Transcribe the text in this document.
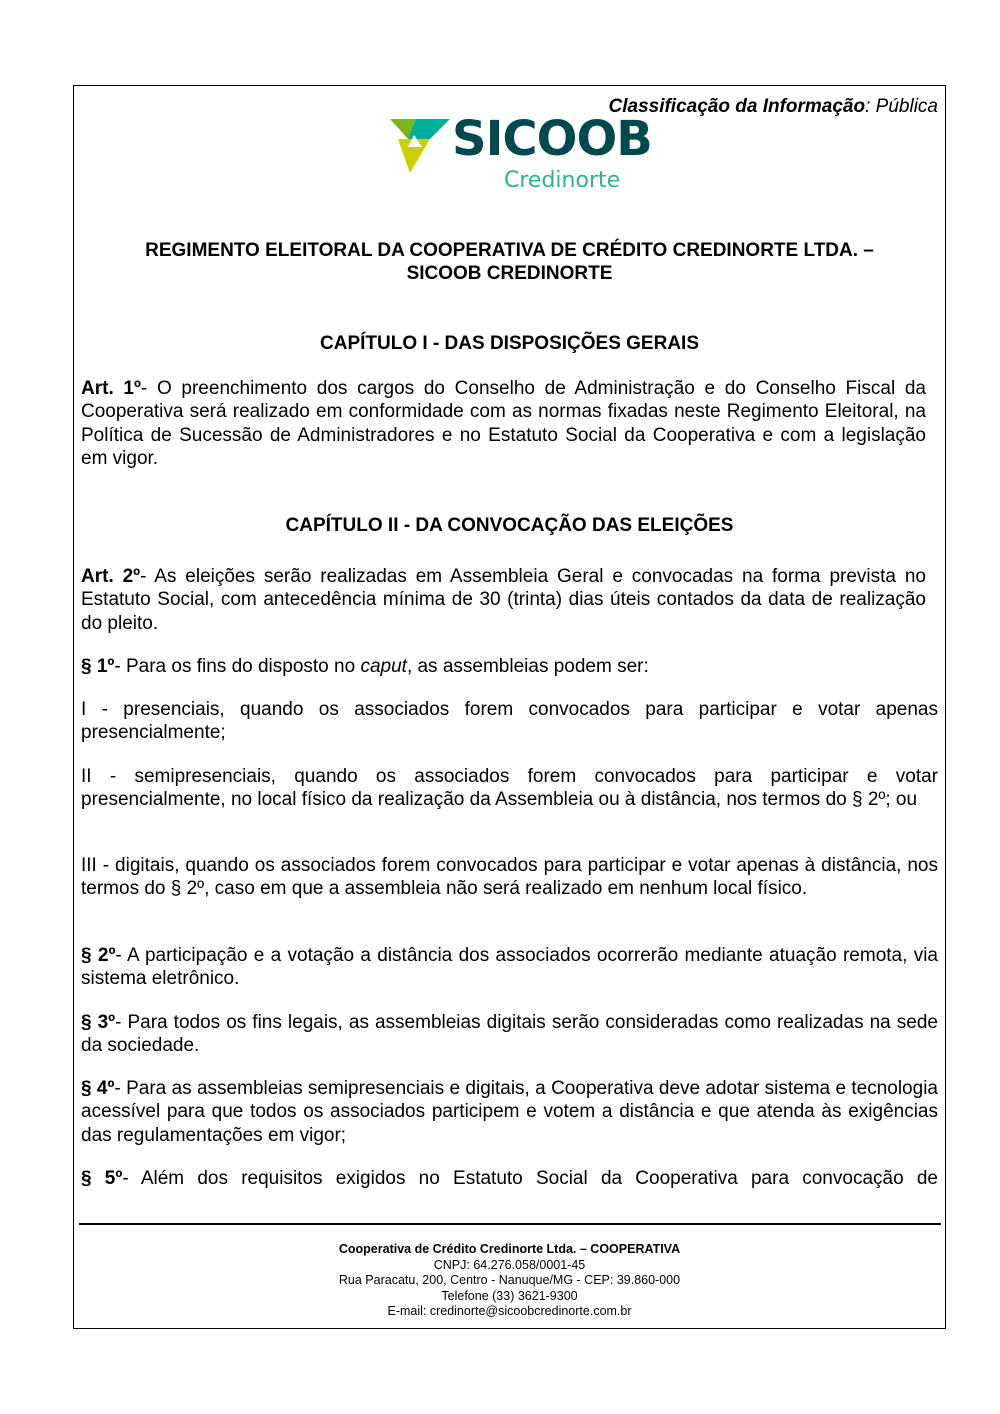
Classificação da Informação: Pública
SICOOB
Credinorte
REGIMENTO ELEITORAL DA COOPERATIVA DE CRÉDITO CREDINORTE LTDA. –
SICOOB CREDINORTE
CAPÍTULO I - DAS DISPOSIÇÕES GERAIS
Art. 1º- O preenchimento dos cargos do Conselho de Administração e do Conselho Fiscal da Cooperativa será realizado em conformidade com as normas fixadas neste Regimento Eleitoral, na Política de Sucessão de Administradores e no Estatuto Social da Cooperativa e com a legislação em vigor.
CAPÍTULO II - DA CONVOCAÇÃO DAS ELEIÇÕES
Art. 2º- As eleições serão realizadas em Assembleia Geral e convocadas na forma prevista no Estatuto Social, com antecedência mínima de 30 (trinta) dias úteis contados da data de realização do pleito.
§ 1º- Para os fins do disposto no caput, as assembleias podem ser:
I - presenciais, quando os associados forem convocados para participar e votar apenas presencialmente;
II - semipresenciais, quando os associados forem convocados para participar e votar presencialmente, no local físico da realização da Assembleia ou à distância, nos termos do § 2º; ou
III - digitais, quando os associados forem convocados para participar e votar apenas à distância, nos termos do § 2º, caso em que a assembleia não será realizado em nenhum local físico.
§ 2º- A participação e a votação a distância dos associados ocorrerão mediante atuação remota, via sistema eletrônico.
§ 3º- Para todos os fins legais, as assembleias digitais serão consideradas como realizadas na sede da sociedade.
§ 4º- Para as assembleias semipresenciais e digitais, a Cooperativa deve adotar sistema e tecnologia acessível para que todos os associados participem e votem a distância e que atenda às exigências das regulamentações em vigor;
§ 5º- Além dos requisitos exigidos no Estatuto Social da Cooperativa para convocação de
Cooperativa de Crédito Credinorte Ltda. – COOPERATIVA
CNPJ: 64.276.058/0001-45
Rua Paracatu, 200, Centro - Nanuque/MG - CEP: 39.860-000
Telefone (33) 3621-9300
E-mail: credinorte@sicoobcredinorte.com.br
